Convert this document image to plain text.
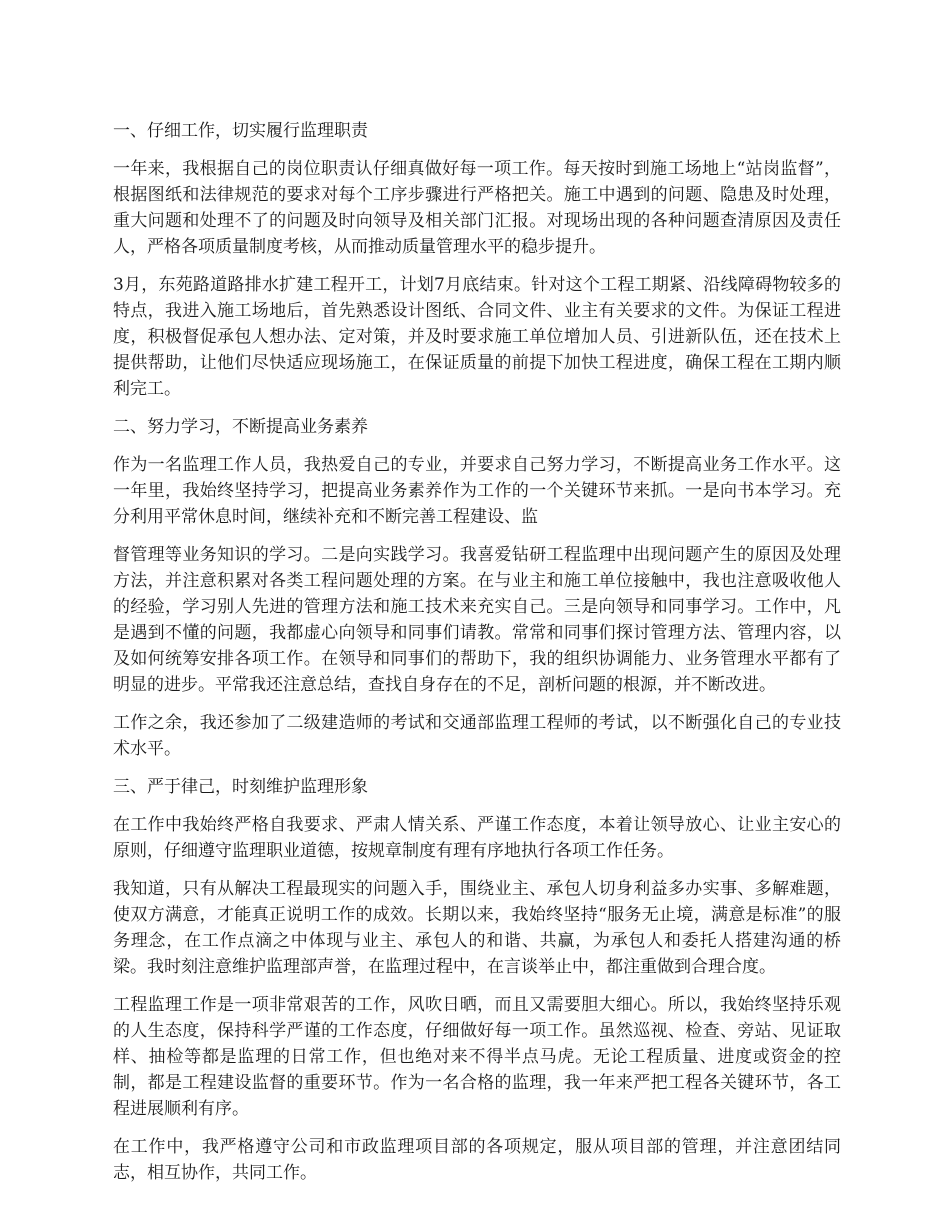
一、仔细工作，切实履行监理职责

一年来，我根据自己的岗位职责认仔细真做好每一项工作。每天按时到施工场地上“站岗监督”，根据图纸和法律规范的要求对每个工序步骤进行严格把关。施工中遇到的问题、隐患及时处理，重大问题和处理不了的问题及时向领导及相关部门汇报。对现场出现的各种问题查清原因及责任人，严格各项质量制度考核，从而推动质量管理水平的稳步提升。

3月，东苑路道路排水扩建工程开工，计划7月底结束。针对这个工程工期紧、沿线障碍物较多的特点，我进入施工场地后，首先熟悉设计图纸、合同文件、业主有关要求的文件。为保证工程进度，积极督促承包人想办法、定对策，并及时要求施工单位增加人员、引进新队伍，还在技术上提供帮助，让他们尽快适应现场施工，在保证质量的前提下加快工程进度，确保工程在工期内顺利完工。

二、努力学习，不断提高业务素养

作为一名监理工作人员，我热爱自己的专业，并要求自己努力学习，不断提高业务工作水平。这一年里，我始终坚持学习，把提高业务素养作为工作的一个关键环节来抓。一是向书本学习。充分利用平常休息时间，继续补充和不断完善工程建设、监

督管理等业务知识的学习。二是向实践学习。我喜爱钻研工程监理中出现问题产生的原因及处理方法，并注意积累对各类工程问题处理的方案。在与业主和施工单位接触中，我也注意吸收他人的经验，学习别人先进的管理方法和施工技术来充实自己。三是向领导和同事学习。工作中，凡是遇到不懂的问题，我都虚心向领导和同事们请教。常常和同事们探讨管理方法、管理内容，以及如何统筹安排各项工作。在领导和同事们的帮助下，我的组织协调能力、业务管理水平都有了明显的进步。平常我还注意总结，查找自身存在的不足，剖析问题的根源，并不断改进。

工作之余，我还参加了二级建造师的考试和交通部监理工程师的考试，以不断强化自己的专业技术水平。

三、严于律己，时刻维护监理形象

在工作中我始终严格自我要求、严肃人情关系、严谨工作态度，本着让领导放心、让业主安心的原则，仔细遵守监理职业道德，按规章制度有理有序地执行各项工作任务。

我知道，只有从解决工程最现实的问题入手，围绕业主、承包人切身利益多办实事、多解难题，使双方满意，才能真正说明工作的成效。长期以来，我始终坚持“服务无止境，满意是标准”的服务理念，在工作点滴之中体现与业主、承包人的和谐、共赢，为承包人和委托人搭建沟通的桥梁。我时刻注意维护监理部声誉，在监理过程中，在言谈举止中，都注重做到合理合度。

工程监理工作是一项非常艰苦的工作，风吹日晒，而且又需要胆大细心。所以，我始终坚持乐观的人生态度，保持科学严谨的工作态度，仔细做好每一项工作。虽然巡视、检查、旁站、见证取样、抽检等都是监理的日常工作，但也绝对来不得半点马虎。无论工程质量、进度或资金的控制，都是工程建设监督的重要环节。作为一名合格的监理，我一年来严把工程各关键环节，各工程进展顺利有序。

在工作中，我严格遵守公司和市政监理项目部的各项规定，服从项目部的管理，并注意团结同志，相互协作，共同工作。
